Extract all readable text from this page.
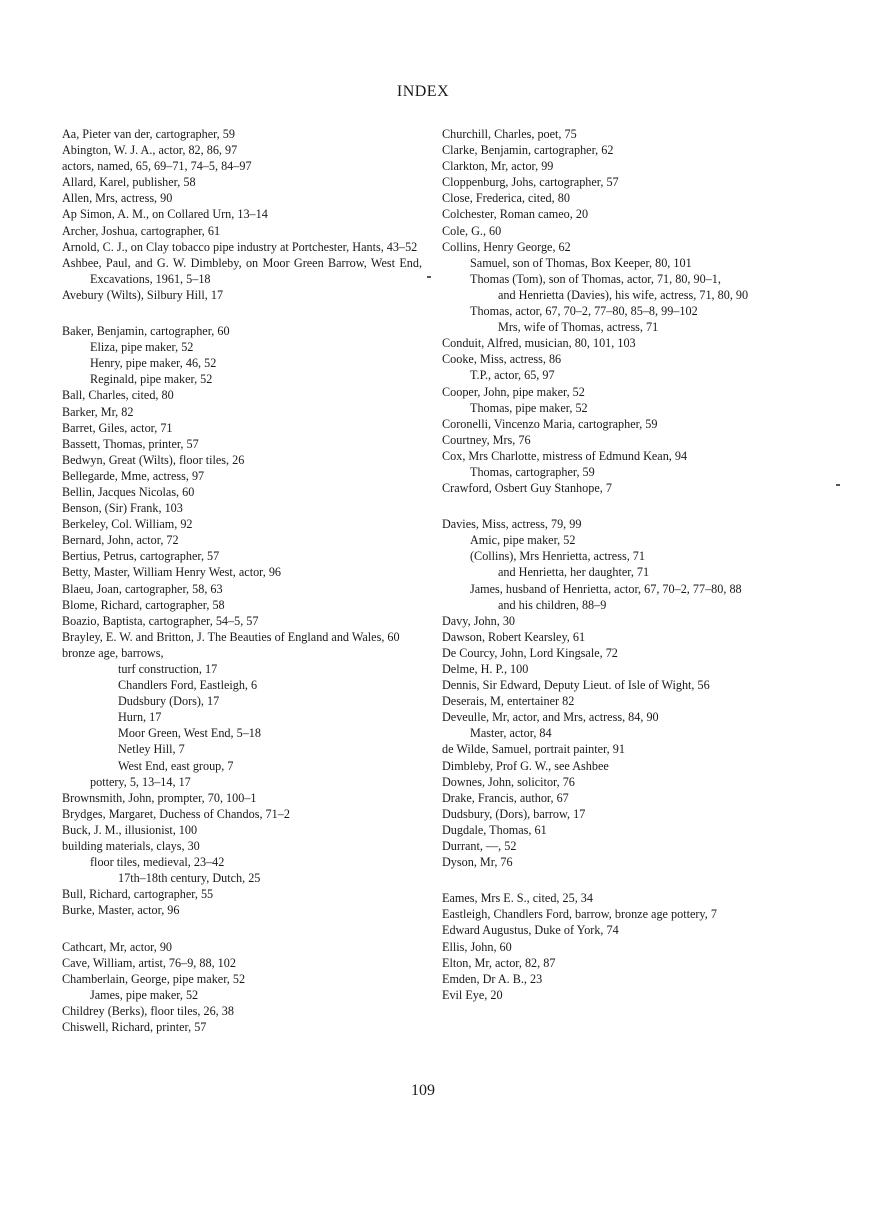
INDEX
Aa, Pieter van der, cartographer, 59
Abington, W. J. A., actor, 82, 86, 97
actors, named, 65, 69–71, 74–5, 84–97
Allard, Karel, publisher, 58
Allen, Mrs, actress, 90
Ap Simon, A. M., on Collared Urn, 13–14
Archer, Joshua, cartographer, 61
Arnold, C. J., on Clay tobacco pipe industry at Portchester, Hants, 43–52
Ashbee, Paul, and G. W. Dimbleby, on Moor Green Barrow, West End, Excavations, 1961, 5–18
Avebury (Wilts), Silbury Hill, 17
Baker, Benjamin, cartographer, 60
Eliza, pipe maker, 52
Henry, pipe maker, 46, 52
Reginald, pipe maker, 52
Ball, Charles, cited, 80
Barker, Mr, 82
Barret, Giles, actor, 71
Bassett, Thomas, printer, 57
Bedwyn, Great (Wilts), floor tiles, 26
Bellegarde, Mme, actress, 97
Bellin, Jacques Nicolas, 60
Benson, (Sir) Frank, 103
Berkeley, Col. William, 92
Bernard, John, actor, 72
Bertius, Petrus, cartographer, 57
Betty, Master, William Henry West, actor, 96
Blaeu, Joan, cartographer, 58, 63
Blome, Richard, cartographer, 58
Boazio, Baptista, cartographer, 54–5, 57
Brayley, E. W. and Britton, J. The Beauties of England and Wales, 60
bronze age, barrows,
turf construction, 17
Chandlers Ford, Eastleigh, 6
Dudsbury (Dors), 17
Hurn, 17
Moor Green, West End, 5–18
Netley Hill, 7
West End, east group, 7
pottery, 5, 13–14, 17
Brownsmith, John, prompter, 70, 100–1
Brydges, Margaret, Duchess of Chandos, 71–2
Buck, J. M., illusionist, 100
building materials, clays, 30
floor tiles, medieval, 23–42
17th–18th century, Dutch, 25
Bull, Richard, cartographer, 55
Burke, Master, actor, 96
Cathcart, Mr, actor, 90
Cave, William, artist, 76–9, 88, 102
Chamberlain, George, pipe maker, 52
James, pipe maker, 52
Childrey (Berks), floor tiles, 26, 38
Chiswell, Richard, printer, 57
Churchill, Charles, poet, 75
Clarke, Benjamin, cartographer, 62
Clarkton, Mr, actor, 99
Cloppenburg, Johs, cartographer, 57
Close, Frederica, cited, 80
Colchester, Roman cameo, 20
Cole, G., 60
Collins, Henry George, 62
Samuel, son of Thomas, Box Keeper, 80, 101
Thomas (Tom), son of Thomas, actor, 71, 80, 90–1,
and Henrietta (Davies), his wife, actress, 71, 80, 90
Thomas, actor, 67, 70–2, 77–80, 85–8, 99–102
Mrs, wife of Thomas, actress, 71
Conduit, Alfred, musician, 80, 101, 103
Cooke, Miss, actress, 86
T.P., actor, 65, 97
Cooper, John, pipe maker, 52
Thomas, pipe maker, 52
Coronelli, Vincenzo Maria, cartographer, 59
Courtney, Mrs, 76
Cox, Mrs Charlotte, mistress of Edmund Kean, 94
Thomas, cartographer, 59
Crawford, Osbert Guy Stanhope, 7
Davies, Miss, actress, 79, 99
Amic, pipe maker, 52
(Collins), Mrs Henrietta, actress, 71
and Henrietta, her daughter, 71
James, husband of Henrietta, actor, 67, 70–2, 77–80, 88
and his children, 88–9
Davy, John, 30
Dawson, Robert Kearsley, 61
De Courcy, John, Lord Kingsale, 72
Delme, H. P., 100
Dennis, Sir Edward, Deputy Lieut. of Isle of Wight, 56
Deserais, M, entertainer 82
Deveulle, Mr, actor, and Mrs, actress, 84, 90
Master, actor, 84
de Wilde, Samuel, portrait painter, 91
Dimbleby, Prof G. W., see Ashbee
Downes, John, solicitor, 76
Drake, Francis, author, 67
Dudsbury, (Dors), barrow, 17
Dugdale, Thomas, 61
Durrant, —, 52
Dyson, Mr, 76
Eames, Mrs E. S., cited, 25, 34
Eastleigh, Chandlers Ford, barrow, bronze age pottery, 7
Edward Augustus, Duke of York, 74
Ellis, John, 60
Elton, Mr, actor, 82, 87
Emden, Dr A. B., 23
Evil Eye, 20
109
